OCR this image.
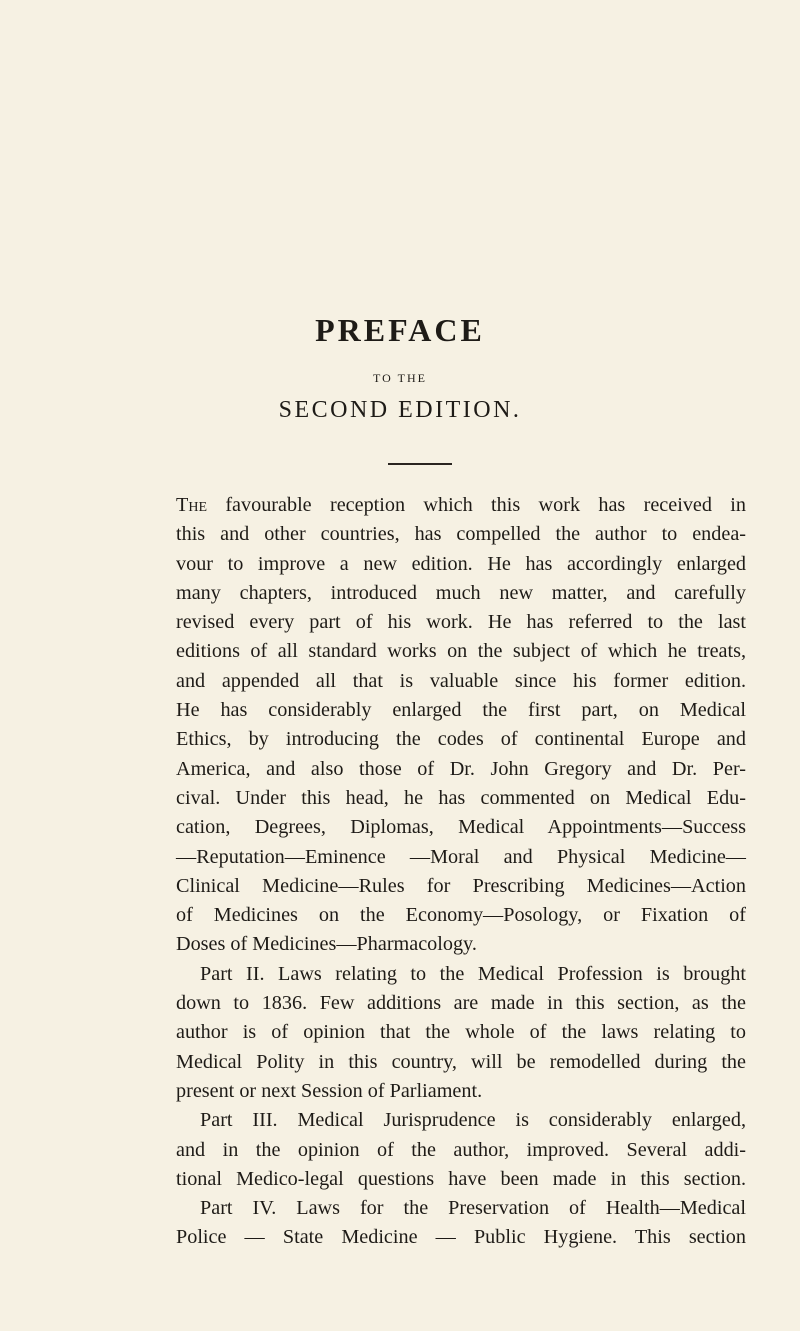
PREFACE
TO THE
SECOND EDITION.
The favourable reception which this work has received in
this and other countries, has compelled the author to endea-
vour to improve a new edition. He has accordingly enlarged
many chapters, introduced much new matter, and carefully
revised every part of his work. He has referred to the last
editions of all standard works on the subject of which he treats,
and appended all that is valuable since his former edition.
He has considerably enlarged the first part, on Medical
Ethics, by introducing the codes of continental Europe and
America, and also those of Dr. John Gregory and Dr. Per-
cival. Under this head, he has commented on Medical Edu-
cation, Degrees, Diplomas, Medical Appointments—Success
—Reputation—Eminence —Moral and Physical Medicine—
Clinical Medicine—Rules for Prescribing Medicines—Action
of Medicines on the Economy—Posology, or Fixation of
Doses of Medicines—Pharmacology.
Part II. Laws relating to the Medical Profession is brought
down to 1836. Few additions are made in this section, as the
author is of opinion that the whole of the laws relating to
Medical Polity in this country, will be remodelled during the
present or next Session of Parliament.
Part III. Medical Jurisprudence is considerably enlarged,
and in the opinion of the author, improved. Several addi-
tional Medico-legal questions have been made in this section.
Part IV. Laws for the Preservation of Health—Medical
Police — State Medicine — Public Hygiene. This section
